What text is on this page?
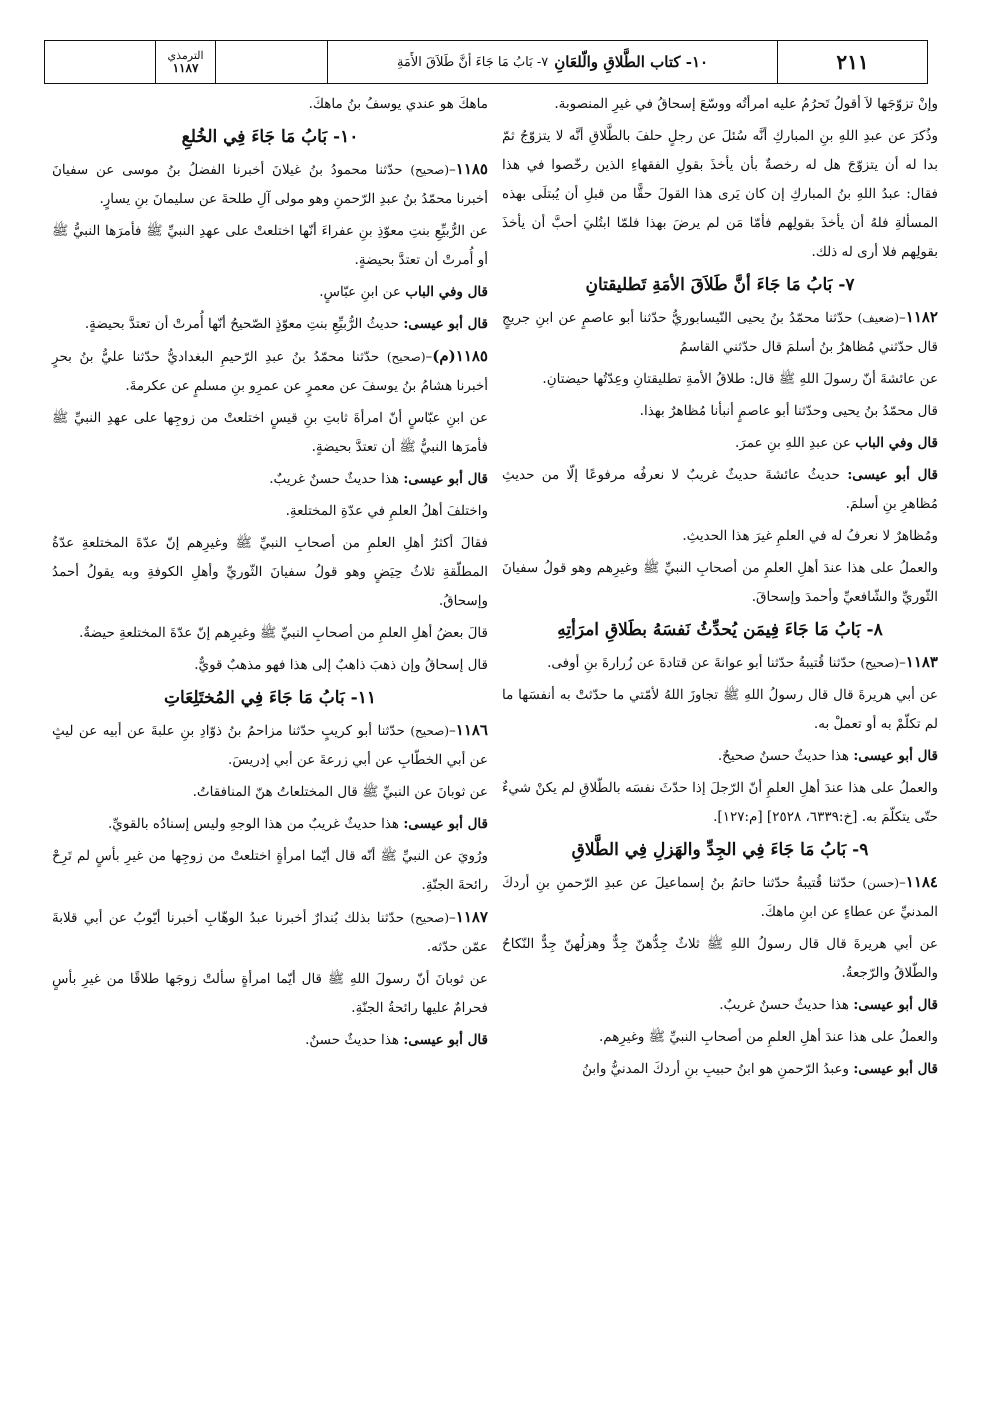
٢١١
١٠- كتاب الطَّلاقِ والّلعَانِ
٧- بَابُ مَا جَاءَ أنَّ طَلاَقَ الأَمَةِ
الترمذي
١١٨٧

وإنْ تزوّجَها لاَ أقولُ تَحرُمُ عليه امرأتُه ووسّعَ إسحاقُ في غيرِ المنصوبة.

وذُكرَ عن عبدِ اللهِ بنِ المباركِ أنَّه سُئلَ عن رجلٍ حلفَ بالطَّلاقِ أنَّه لا يتزوّجُ ثمّ بدا له أن يتزوّجَ هل له رخصةٌ بأن يأخذَ بقولِ الفقهاءِ الذين رخّصوا في هذا فقال: عبدُ اللهِ بنُ المباركِ إن كان يَرى هذا القولَ حقًّا من قبلِ أن يُبتلَى بهذه المسألةِ فلهُ أن يأخذَ بقولِهم فأمّا مَن لم يرضَ بهذا فلمّا ابتُليَ أحبَّ أن يأخذَ بقولِهم فلا أرى له ذلك.

٧- بَابُ مَا جَاءَ أنَّ طَلاَقَ الأمَةِ تَطليقتانِ

١١٨٢–(ضعيف) حدّثنا محمّدُ بنُ يحيى النّيسابوريُّ حدّثنا أبو عاصمٍ عن ابنِ جريجٍ قال حدّثني مُظاهرُ بنُ أسلمَ قال حدّثني القاسمُ

عن عائشةَ أنّ رسولَ اللهِ ﷺ قال: طلاقُ الأمةِ تطليقتانِ وعِدّتُها حيضتانِ.

قال محمّدُ بنُ يحيى وحدّثنا أبو عاصمٍ أنبأنا مُظاهرٌ بهذا.

قال وفي الباب عن عبدِ اللهِ بنِ عمرَ.

قال أبو عيسى: حديثُ عائشةَ حديثٌ غريبٌ لا نعرفُه مرفوعًا إلّا من حديثِ مُظاهرِ بنِ أسلمَ.

ومُظاهرٌ لا نعرفُ له في العلمِ غيرَ هذا الحديثِ.

والعملُ على هذا عندَ أهلِ العلمِ من أصحابِ النبيِّ ﷺ وغيرِهم وهو قولُ سفيانَ الثّوريِّ والشّافعيِّ وأحمدَ وإسحاقَ.

٨- بَابُ مَا جَاءَ فِيمَن يُحدِّثُ نَفسَهُ بطَلاقِ امرَأتِهِ

١١٨٣–(صحيح) حدّثنا قُتيبةُ حدّثنا أبو عوانةَ عن قتادةَ عن زُرارةَ بنِ أوفى.

عن أبي هريرةَ قال قال رسولُ اللهِ ﷺ تجاوزَ اللهُ لأمّتي ما حدّثتْ به أنفسَها ما لم تكلّمْ به أو تعملْ به.

قال أبو عيسى: هذا حديثٌ حسنٌ صحيحٌ.

والعملُ على هذا عندَ أهلِ العلمِ أنّ الرّجلَ إذا حدّثَ نفسَه بالطّلاقِ لم يكنْ شيءٌ حتّى يتكلّمَ به. [خ:٦٣٣٩، ٢٥٢٨] [م:١٢٧].

٩- بَابُ مَا جَاءَ فِي الجِدِّ والهَزلِ فِي الطَّلاقِ

١١٨٤–(حسن) حدّثنا قُتيبةُ حدّثنا حاتمُ بنُ إسماعيلَ عن عبدِ الرّحمنِ بنِ أردكَ المدنيِّ عن عطاءٍ عن ابنِ ماهكَ.

عن أبي هريرةَ قال قال رسولُ اللهِ ﷺ ثلاثٌ جِدُّهنّ جِدٌّ وهزلُهنّ جِدٌّ النّكاحُ والطّلاقُ والرّجعةُ.

قال أبو عيسى: هذا حديثٌ حسنٌ غريبٌ.

والعملُ على هذا عندَ أهلِ العلمِ من أصحابِ النبيِّ ﷺ وغيرِهم.

قال أبو عيسى: وعبدُ الرّحمنِ هو ابنُ حبيبِ بنِ أردكَ المدنيُّ وابنُ

ماهكَ هو عندي يوسفُ بنُ ماهكَ.

١٠- بَابُ مَا جَاءَ فِي الخُلعِ

١١٨٥–(صحيح) حدّثنا محمودُ بنُ غيلانَ أخبرنا الفضلُ بنُ موسى عن سفيانَ أخبرنا محمّدُ بنُ عبدِ الرّحمنِ وهو مولى آلِ طلحةَ عن سليمانَ بنِ يسارٍ.

عن الرُّبيِّعِ بنتِ معوّذِ بنِ عفراءَ أنّها اختلعتْ على عهدِ النبيِّ ﷺ فأمرَها النبيُّ ﷺ أو أُمرتْ أن تعتدَّ بحيضةٍ.

قال وفي الباب عن ابنِ عبّاسٍ.

قال أبو عيسى: حديثُ الرُّبيِّعِ بنتِ معوّذٍ الصّحيحُ أنّها أُمرتْ أن تعتدَّ بحيضةٍ.

١١٨٥(م)–(صحيح) حدّثنا محمّدُ بنُ عبدِ الرّحيمِ البغداديُّ حدّثنا عليُّ بنُ بحرٍ أخبرنا هشامُ بنُ يوسفَ عن معمرٍ عن عمرِو بنِ مسلمٍ عن عكرمةَ.

عن ابنِ عبّاسٍ أنّ امرأةَ ثابتِ بنِ قيسٍ اختلعتْ من زوجِها على عهدِ النبيِّ ﷺ فأمرَها النبيُّ ﷺ أن تعتدَّ بحيضةٍ.

قال أبو عيسى: هذا حديثٌ حسنٌ غريبٌ.

واختلفَ أهلُ العلمِ في عدّةِ المختلعةِ.

فقالَ أكثرُ أهلِ العلمِ من أصحابِ النبيِّ ﷺ وغيرِهم إنّ عدّةَ المختلعةِ عدّةُ المطلّقةِ ثلاثُ حِيَضٍ وهو قولُ سفيانَ الثّوريِّ وأهلِ الكوفةِ وبه يقولُ أحمدُ وإسحاقُ.

قالَ بعضُ أهلِ العلمِ من أصحابِ النبيِّ ﷺ وغيرِهم إنّ عدّةَ المختلعةِ حيضةٌ.

قال إسحاقُ وإن ذهبَ ذاهبٌ إلى هذا فهو مذهبٌ قويٌّ.

١١- بَابُ مَا جَاءَ فِي المُختَلِعَاتِ

١١٨٦–(صحيح) حدّثنا أبو كريبٍ حدّثنا مزاحمُ بنُ ذوّادِ بنِ علبةَ عن أبيه عن ليثٍ عن أبي الخطّابِ عن أبي زرعةَ عن أبي إدريسَ.

عن ثوبانَ عن النبيِّ ﷺ قال المختلعاتُ هنّ المنافقاتُ.

قال أبو عيسى: هذا حديثٌ غريبٌ من هذا الوجهِ وليس إسنادُه بالقويِّ.

ورُويَ عن النبيِّ ﷺ أنّه قال أيّما امرأةٍ اختلعتْ من زوجِها من غيرِ بأسٍ لم تَرِحْ رائحةَ الجنّةِ.

١١٨٧–(صحيح) حدّثنا بذلك بُندارٌ أخبرنا عبدُ الوهّابِ أخبرنا أيّوبُ عن أبي قلابةَ عمّن حدّثه.

عن ثوبانَ أنّ رسولَ اللهِ ﷺ قال أيّما امرأةٍ سألتْ زوجَها طلاقًا من غيرِ بأسٍ فحرامٌ عليها رائحةُ الجنّةِ.

قال أبو عيسى: هذا حديثٌ حسنٌ.
